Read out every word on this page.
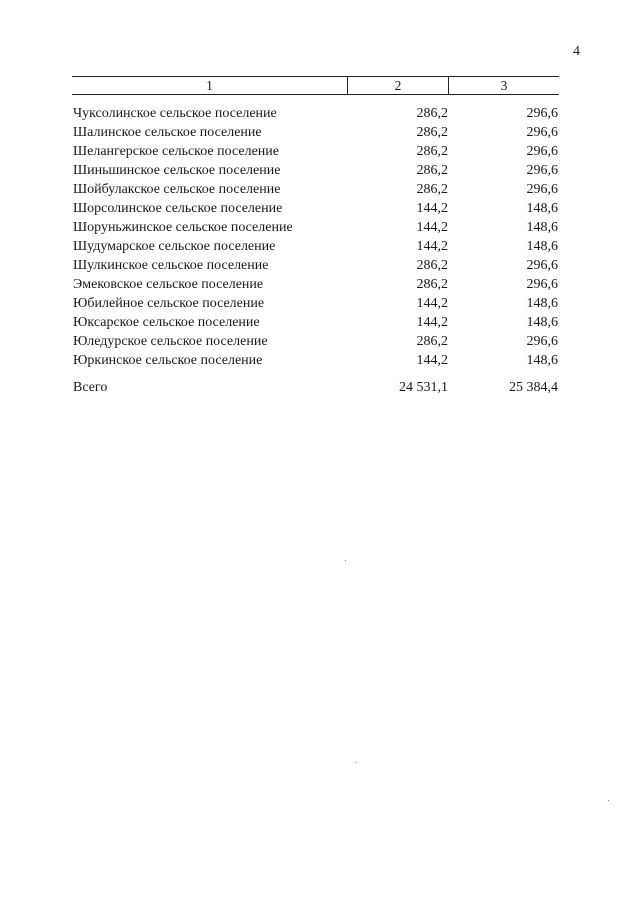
4
1	2	3
Чуксолинское сельское поселение	286,2	296,6
Шалинское сельское поселение	286,2	296,6
Шелангерское сельское поселение	286,2	296,6
Шиньшинское сельское поселение	286,2	296,6
Шойбулакское сельское поселение	286,2	296,6
Шорсолинское сельское поселение	144,2	148,6
Шоруньжинское сельское поселение	144,2	148,6
Шудумарское сельское поселение	144,2	148,6
Шулкинское сельское поселение	286,2	296,6
Эмековское сельское поселение	286,2	296,6
Юбилейное сельское поселение	144,2	148,6
Юксарское сельское поселение	144,2	148,6
Юледурское сельское поселение	286,2	296,6
Юркинское сельское поселение	144,2	148,6
Всего	24 531,1	25 384,4
